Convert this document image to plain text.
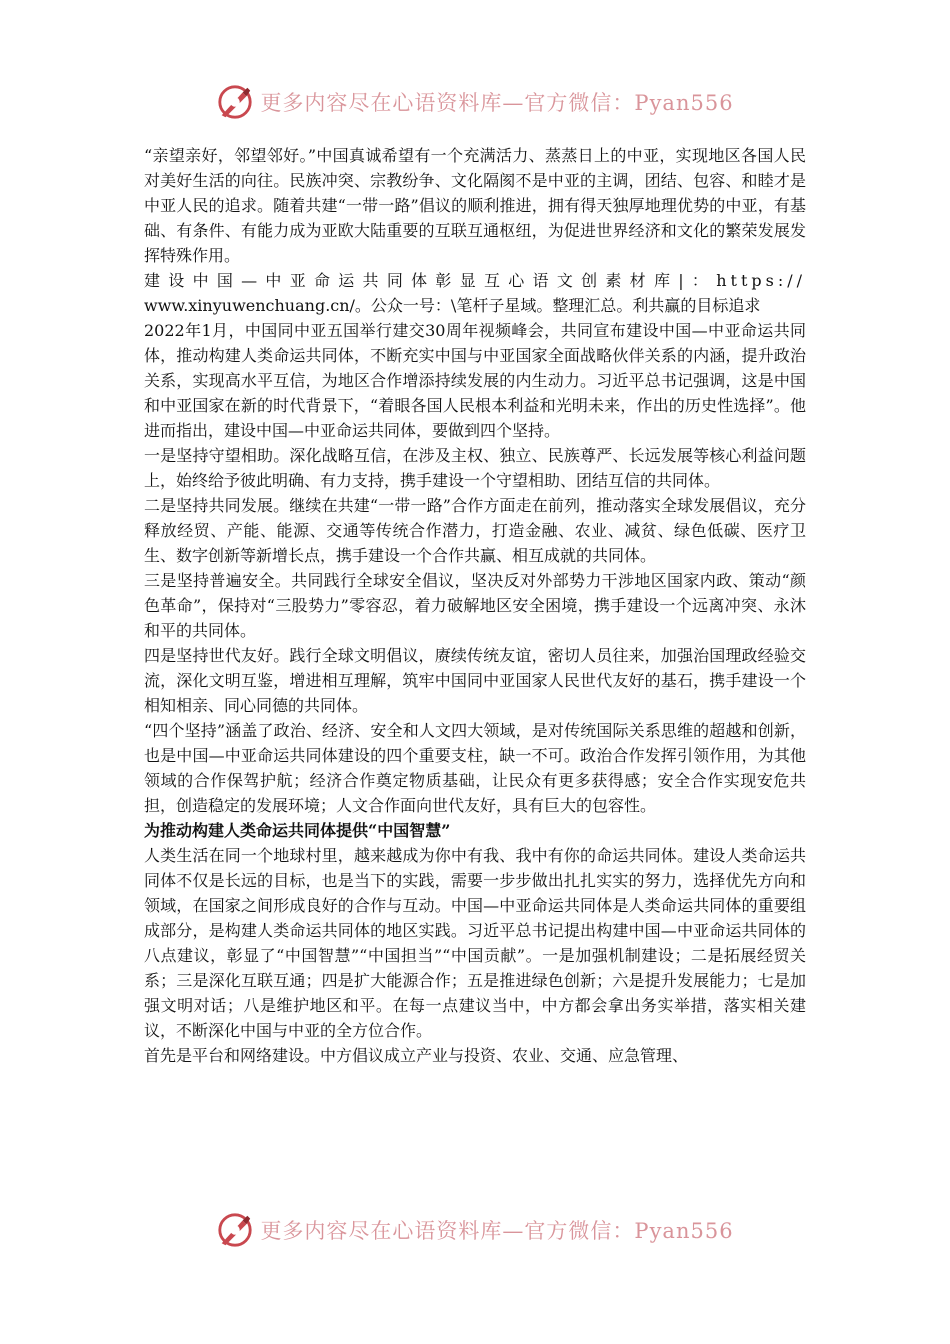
更多内容尽在心语资料库—官方微信：Pyan556

“亲望亲好，邻望邻好。”中国真诚希望有一个充满活力、蒸蒸日上的中亚，实现地区各国人民对美好生活的向往。民族冲突、宗教纷争、文化隔阂不是中亚的主调，团结、包容、和睦才是中亚人民的追求。随着共建“一带一路”倡议的顺利推进，拥有得天独厚地理优势的中亚，有基础、有条件、有能力成为亚欧大陆重要的互联互通枢纽，为促进世界经济和文化的繁荣发展发挥特殊作用。

建设中国—中亚命运共同体彰显互心语文创素材库|：https://

www.xinyuwenchuang.cn/。公众一号：\笔杆子星域。整理汇总。利共赢的目标追求

2022年1月，中国同中亚五国举行建交30周年视频峰会，共同宣布建设中国—中亚命运共同体，推动构建人类命运共同体，不断充实中国与中亚国家全面战略伙伴关系的内涵，提升政治关系，实现高水平互信，为地区合作增添持续发展的内生动力。习近平总书记强调，这是中国和中亚国家在新的时代背景下，“着眼各国人民根本利益和光明未来，作出的历史性选择”。他进而指出，建设中国—中亚命运共同体，要做到四个坚持。

一是坚持守望相助。深化战略互信，在涉及主权、独立、民族尊严、长远发展等核心利益问题上，始终给予彼此明确、有力支持，携手建设一个守望相助、团结互信的共同体。

二是坚持共同发展。继续在共建“一带一路”合作方面走在前列，推动落实全球发展倡议，充分释放经贸、产能、能源、交通等传统合作潜力，打造金融、农业、减贫、绿色低碳、医疗卫生、数字创新等新增长点，携手建设一个合作共赢、相互成就的共同体。

三是坚持普遍安全。共同践行全球安全倡议，坚决反对外部势力干涉地区国家内政、策动“颜色革命”，保持对“三股势力”零容忍，着力破解地区安全困境，携手建设一个远离冲突、永沐和平的共同体。

四是坚持世代友好。践行全球文明倡议，赓续传统友谊，密切人员往来，加强治国理政经验交流，深化文明互鉴，增进相互理解，筑牢中国同中亚国家人民世代友好的基石，携手建设一个相知相亲、同心同德的共同体。

“四个坚持”涵盖了政治、经济、安全和人文四大领域，是对传统国际关系思维的超越和创新，也是中国—中亚命运共同体建设的四个重要支柱，缺一不可。政治合作发挥引领作用，为其他领域的合作保驾护航；经济合作奠定物质基础，让民众有更多获得感；安全合作实现安危共担，创造稳定的发展环境；人文合作面向世代友好，具有巨大的包容性。

为推动构建人类命运共同体提供“中国智慧”

人类生活在同一个地球村里，越来越成为你中有我、我中有你的命运共同体。建设人类命运共同体不仅是长远的目标，也是当下的实践，需要一步步做出扎扎实实的努力，选择优先方向和领域，在国家之间形成良好的合作与互动。中国—中亚命运共同体是人类命运共同体的重要组成部分，是构建人类命运共同体的地区实践。习近平总书记提出构建中国—中亚命运共同体的八点建议，彰显了“中国智慧”“中国担当”“中国贡献”。一是加强机制建设；二是拓展经贸关系；三是深化互联互通；四是扩大能源合作；五是推进绿色创新；六是提升发展能力；七是加强文明对话；八是维护地区和平。在每一点建议当中，中方都会拿出务实举措，落实相关建议，不断深化中国与中亚的全方位合作。

首先是平台和网络建设。中方倡议成立产业与投资、农业、交通、应急管理、

更多内容尽在心语资料库—官方微信：Pyan556
